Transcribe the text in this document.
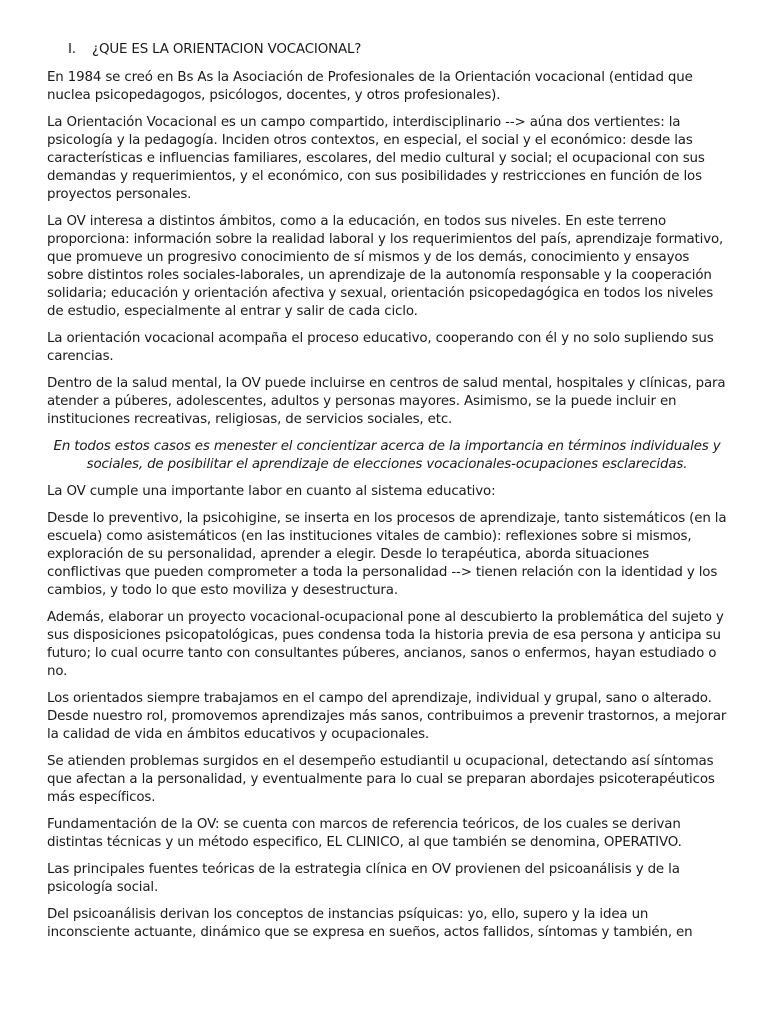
I.	¿QUE ES LA ORIENTACION VOCACIONAL?

En 1984 se creó en Bs As la Asociación de Profesionales de la Orientación vocacional (entidad que nuclea psicopedagogos, psicólogos, docentes, y otros profesionales).

La Orientación Vocacional es un campo compartido, interdisciplinario --> aúna dos vertientes: la psicología y la pedagogía. Inciden otros contextos, en especial, el social y el económico: desde las características e influencias familiares, escolares, del medio cultural y social; el ocupacional con sus demandas y requerimientos, y el económico, con sus posibilidades y restricciones en función de los proyectos personales.

La OV interesa a distintos ámbitos, como a la educación, en todos sus niveles. En este terreno proporciona: información sobre la realidad laboral y los requerimientos del país, aprendizaje formativo, que promueve un progresivo conocimiento de sí mismos y de los demás, conocimiento y ensayos sobre distintos roles sociales-laborales, un aprendizaje de la autonomía responsable y la cooperación solidaria; educación y orientación afectiva y sexual, orientación psicopedagógica en todos los niveles de estudio, especialmente al entrar y salir de cada ciclo.

La orientación vocacional acompaña el proceso educativo, cooperando con él y no solo supliendo sus carencias.

Dentro de la salud mental, la OV puede incluirse en centros de salud mental, hospitales y clínicas, para atender a púberes, adolescentes, adultos y personas mayores. Asimismo, se la puede incluir en instituciones recreativas, religiosas, de servicios sociales, etc.

En todos estos casos es menester el concientizar acerca de la importancia en términos individuales y sociales, de posibilitar el aprendizaje de elecciones vocacionales-ocupaciones esclarecidas.

La OV cumple una importante labor en cuanto al sistema educativo:

Desde lo preventivo, la psicohigine, se inserta en los procesos de aprendizaje, tanto sistemáticos (en la escuela) como asistemáticos (en las instituciones vitales de cambio): reflexiones sobre si mismos, exploración de su personalidad, aprender a elegir. Desde lo terapéutica, aborda situaciones conflictivas que pueden comprometer a toda la personalidad --> tienen relación con la identidad y los cambios, y todo lo que esto moviliza y desestructura.

Además, elaborar un proyecto vocacional-ocupacional pone al descubierto la problemática del sujeto y sus disposiciones psicopatológicas, pues condensa toda la historia previa de esa persona y anticipa su futuro; lo cual ocurre tanto con consultantes púberes, ancianos, sanos o enfermos, hayan estudiado o no.

Los orientados siempre trabajamos en el campo del aprendizaje, individual y grupal, sano o alterado. Desde nuestro rol, promovemos aprendizajes más sanos, contribuimos a prevenir trastornos, a mejorar la calidad de vida en ámbitos educativos y ocupacionales.

Se atienden problemas surgidos en el desempeño estudiantil u ocupacional, detectando así síntomas que afectan a la personalidad, y eventualmente para lo cual se preparan abordajes psicoterapéuticos más específicos.

Fundamentación de la OV: se cuenta con marcos de referencia teóricos, de los cuales se derivan distintas técnicas y un método especifico, EL CLINICO, al que también se denomina, OPERATIVO.

Las principales fuentes teóricas de la estrategia clínica en OV provienen del psicoanálisis y de la psicología social.

Del psicoanálisis derivan los conceptos de instancias psíquicas: yo, ello, supero y la idea un inconsciente actuante, dinámico que se expresa en sueños, actos fallidos, síntomas y también, en
